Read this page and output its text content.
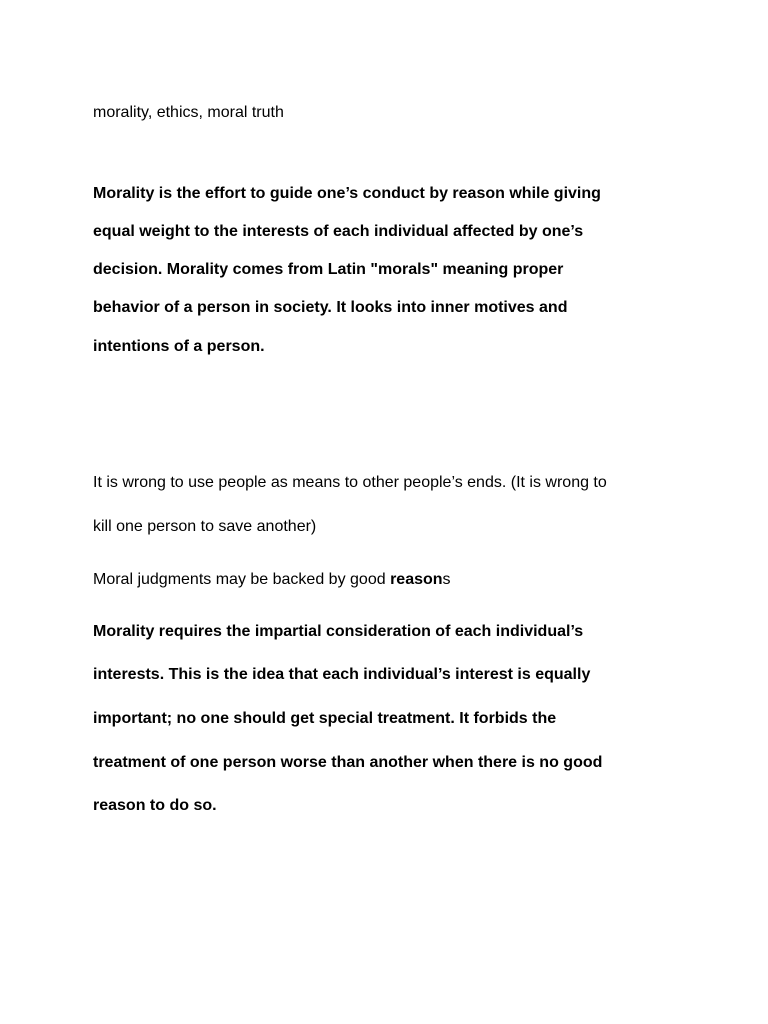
morality, ethics, moral truth
Morality is the effort to guide one’s conduct by reason while giving
equal weight to the interests of each individual affected by one’s
decision. Morality comes from Latin "morals" meaning proper
behavior of a person in society. It looks into inner motives and
intentions of a person.
It is wrong to use people as means to other people’s ends. (It is wrong to
kill one person to save another)
Moral judgments may be backed by good reasons
Morality requires the impartial consideration of each individual’s
interests. This is the idea that each individual’s interest is equally
important; no one should get special treatment. It forbids the
treatment of one person worse than another when there is no good
reason to do so.
